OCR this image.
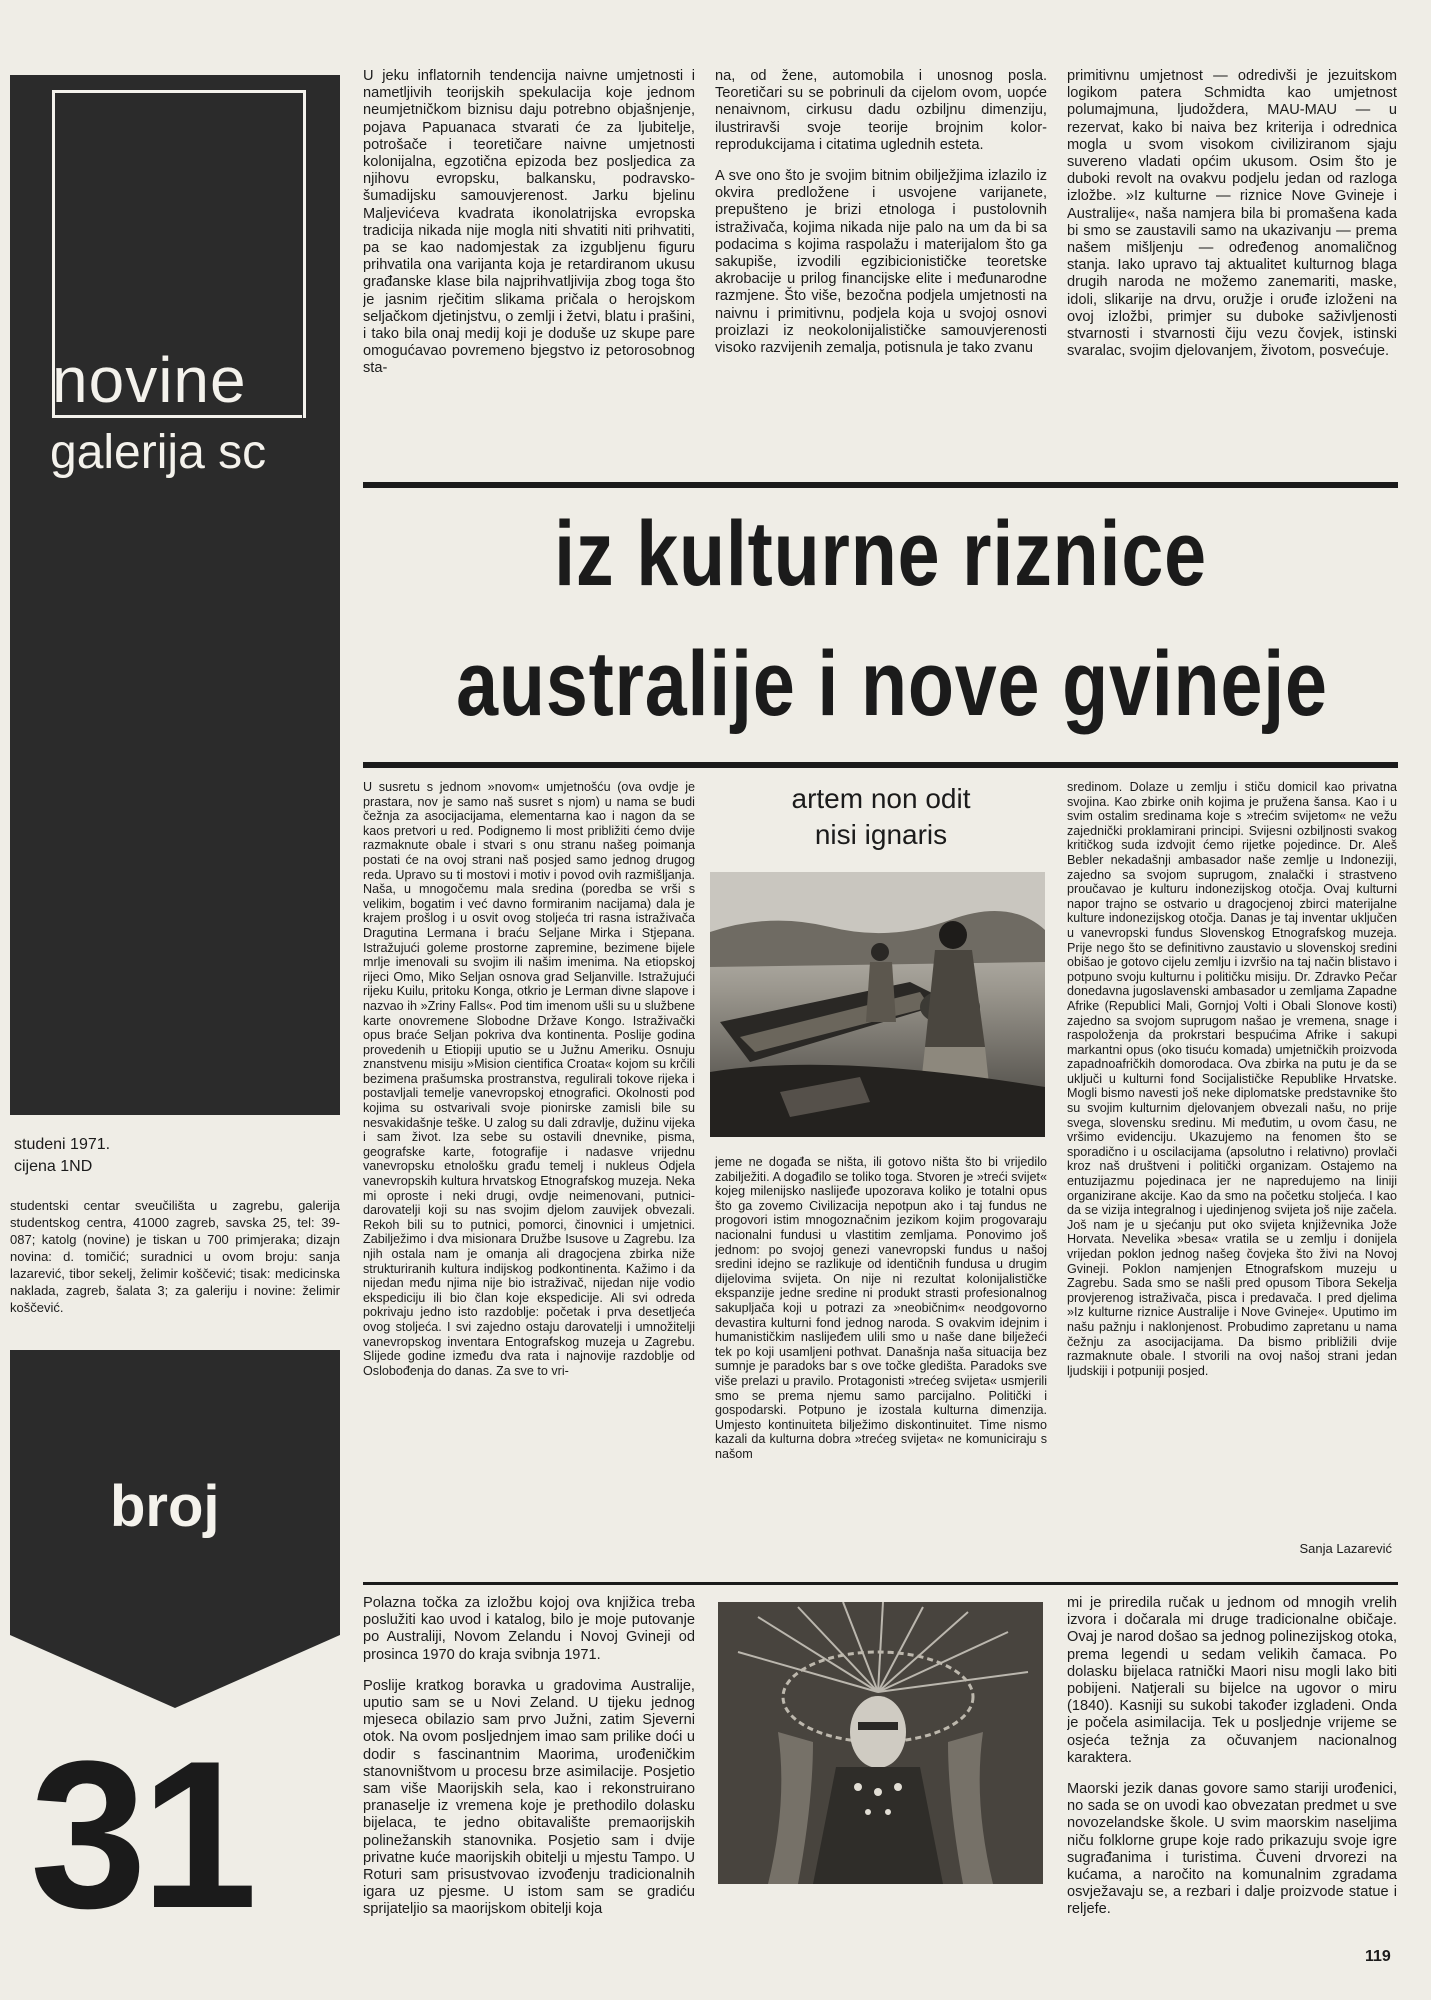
novine
galerija sc
studeni 1971.
cijena 1ND
studentski centar sveučilišta u zagrebu, galerija studentskog centra, 41000 zagreb, savska 25, tel: 39-087; katolg (novine) je tiskan u 700 primjeraka; dizajn novina: d. tomičić; suradnici u ovom broju: sanja lazarević, tibor sekelj, želimir koščević; tisak: medicinska naklada, zagreb, šalata 3; za galeriju i novine: želimir koščević.
broj
31

U jeku inflatornih tendencija naivne umjetnosti i nametljivih teorijskih spekulacija koje jednom neumjetničkom biznisu daju potrebno objašnjenje, pojava Papuanaca stvarati će za ljubitelje, potrošače i teoretičare naivne umjetnosti kolonijalna, egzotična epizoda bez posljedica za njihovu evropsku, balkansku, podravsko-šumadijsku samouvjerenost. Jarku bjelinu Maljevićeva kvadrata ikonolatrijska evropska tradicija nikada nije mogla niti shvatiti niti prihvatiti, pa se kao nadomjestak za izgubljenu figuru prihvatila ona varijanta koja je retardiranom ukusu građanske klase bila najprihvatljivija zbog toga što je jasnim rječitim slikama pričala o herojskom seljačkom djetinjstvu, o zemlji i žetvi, blatu i prašini, i tako bila onaj medij koji je doduše uz skupe pare omogućavao povremeno bjegstvo iz petorosobnog sta-

na, od žene, automobila i unosnog posla. Teoretičari su se pobrinuli da cijelom ovom, uopće nenaivnom, cirkusu dadu ozbiljnu dimenziju, ilustriravši svoje teorije brojnim kolor-reprodukcijama i citatima uglednih esteta.

A sve ono što je svojim bitnim obilježjima izlazilo iz okvira predložene i usvojene varijanete, prepušteno je brizi etnologa i pustolovnih istraživača, kojima nikada nije palo na um da bi sa podacima s kojima raspolažu i materijalom što ga sakupiše, izvodili egzibicionističke teoretske akrobacije u prilog financijske elite i međunarodne razmjene. Što više, bezočna podjela umjetnosti na naivnu i primitivnu, podjela koja u svojoj osnovi proizlazi iz neokolonijalističke samouvjerenosti visoko razvijenih zemalja, potisnula je tako zvanu

primitivnu umjetnost — odredivši je jezuitskom logikom patera Schmidta kao umjetnost polumajmuna, ljudoždera, MAU-MAU — u rezervat, kako bi naiva bez kriterija i odrednica mogla u svom visokom civiliziranom sjaju suvereno vladati općim ukusom. Osim što je duboki revolt na ovakvu podjelu jedan od razloga izložbe. »Iz kulturne — riznice Nove Gvineje i Australije«, naša namjera bila bi promašena kada bi smo se zaustavili samo na ukazivanju — prema našem mišljenju — određenog anomaličnog stanja. Iako upravo taj aktualitet kulturnog blaga drugih naroda ne možemo zanemariti, maske, idoli, slikarije na drvu, oružje i oruđe izloženi na ovoj izložbi, primjer su duboke saživljenosti stvarnosti i stvarnosti čiju vezu čovjek, istinski svaralac, svojim djelovanjem, životom, posvećuje.

iz kulturne riznice
australije i nove gvineje

U susretu s jednom »novom« umjetnošću (ova ovdje je prastara, nov je samo naš susret s njom) u nama se budi čežnja za asocijacijama, elementarna kao i nagon da se kaos pretvori u red. Podignemo li most približiti ćemo dvije razmaknute obale i stvari s onu stranu našeg poimanja postati će na ovoj strani naš posjed samo jednog drugog reda. Upravo su ti mostovi i motiv i povod ovih razmišljanja. Naša, u mnogočemu mala sredina (poredba se vrši s velikim, bogatim i već davno formiranim nacijama) dala je krajem prošlog i u osvit ovog stoljeća tri rasna istraživača Dragutina Lermana i braću Seljane Mirka i Stjepana. Istražujući goleme prostorne zapremine, bezimene bijele mrlje imenovali su svojim ili našim imenima. Na etiopskoj rijeci Omo, Miko Seljan osnova grad Seljanville. Istražujući rijeku Kuilu, pritoku Konga, otkrio je Lerman divne slapove i nazvao ih »Zriny Falls«. Pod tim imenom ušli su u službene karte onovremene Slobodne Države Kongo. Istraživački opus braće Seljan pokriva dva kontinenta. Poslije godina provedenih u Etiopiji uputio se u Južnu Ameriku. Osnuju znanstvenu misiju »Mision cientifica Croata« kojom su krčili bezimena prašumska prostranstva, regulirali tokove rijeka i postavljali temelje vanevropskoj etnografici. Okolnosti pod kojima su ostvarivali svoje pionirske zamisli bile su nesvakidašnje teške. U zalog su dali zdravlje, dužinu vijeka i sam život. Iza sebe su ostavili dnevnike, pisma, geografske karte, fotografije i nadasve vrijednu vanevropsku etnološku građu temelj i nukleus Odjela vanevropskih kultura hrvatskog Etnografskog muzeja. Neka mi oproste i neki drugi, ovdje neimenovani, putnici-darovatelji koji su nas svojim djelom zauvijek obvezali. Rekoh bili su to putnici, pomorci, činovnici i umjetnici. Zabilježimo i dva misionara Družbe Isusove u Zagrebu. Iza njih ostala nam je omanja ali dragocjena zbirka niže strukturiranih kultura indijskog podkontinenta. Kažimo i da nijedan među njima nije bio istraživač, nijedan nije vodio ekspediciju ili bio član koje ekspedicije. Ali svi odreda pokrivaju jedno isto razdoblje: početak i prva desetljeća ovog stoljeća. I svi zajedno ostaju darovatelji i umnožitelji vanevropskog inventara Entografskog muzeja u Zagrebu. Slijede godine između dva rata i najnovije razdoblje od Oslobođenja do danas. Za sve to vri-

artem non odit
nisi ignaris

jeme ne događa se ništa, ili gotovo ništa što bi vrijedilo zabilježiti. A događilo se toliko toga. Stvoren je »treći svijet« kojeg milenijsko naslijeđe upozorava koliko je totalni opus što ga zovemo Civilizacija nepotpun ako i taj fundus ne progovori istim mnogoznačnim jezikom kojim progovaraju nacionalni fundusi u vlastitim zemljama. Ponovimo još jednom: po svojoj genezi vanevropski fundus u našoj sredini idejno se razlikuje od identičnih fundusa u drugim dijelovima svijeta. On nije ni rezultat kolonijalističke ekspanzije jedne sredine ni produkt strasti profesionalnog sakupljača koji u potrazi za »neobičnim« neodgovorno devastira kulturni fond jednog naroda. S ovakvim idejnim i humanističkim naslijeđem ulili smo u naše dane bilježeći tek po koji usamljeni pothvat. Današnja naša situacija bez sumnje je paradoks bar s ove točke gledišta. Paradoks sve više prelazi u pravilo. Protagonisti »trećeg svijeta« usmjerili smo se prema njemu samo parcijalno. Politički i gospodarski. Potpuno je izostala kulturna dimenzija. Umjesto kontinuiteta bilježimo diskontinuitet. Time nismo kazali da kulturna dobra »trećeg svijeta« ne komuniciraju s našom

sredinom. Dolaze u zemlju i stiču domicil kao privatna svojina. Kao zbirke onih kojima je pružena šansa. Kao i u svim ostalim sredinama koje s »trećim svijetom« ne vežu zajednički proklamirani principi. Svijesni ozbiljnosti svakog kritičkog suda izdvojit ćemo rijetke pojedince. Dr. Aleš Bebler nekadašnji ambasador naše zemlje u Indoneziji, zajedno sa svojom suprugom, znalački i strastveno proučavao je kulturu indonezijskog otočja. Ovaj kulturni napor trajno se ostvario u dragocjenoj zbirci materijalne kulture indonezijskog otočja. Danas je taj inventar uključen u vanevropski fundus Slovenskog Etnografskog muzeja. Prije nego što se definitivno zaustavio u slovenskoj sredini obišao je gotovo cijelu zemlju i izvršio na taj način blistavo i potpuno svoju kulturnu i političku misiju. Dr. Zdravko Pečar donedavna jugoslavenski ambasador u zemljama Zapadne Afrike (Republici Mali, Gornjoj Volti i Obali Slonove kosti) zajedno sa svojom suprugom našao je vremena, snage i raspoloženja da prokrstari bespućima Afrike i sakupi markantni opus (oko tisuću komada) umjetničkih proizvoda zapadnoafričkih domorodaca. Ova zbirka na putu je da se uključi u kulturni fond Socijalističke Republike Hrvatske. Mogli bismo navesti još neke diplomatske predstavnike što su svojim kulturnim djelovanjem obvezali našu, no prije svega, slovensku sredinu. Mi međutim, u ovom času, ne vršimo evidenciju. Ukazujemo na fenomen što se sporadično i u oscilacijama (apsolutno i relativno) provlači kroz naš društveni i politički organizam. Ostajemo na entuzijazmu pojedinaca jer ne napredujemo na liniji organizirane akcije. Kao da smo na početku stoljeća. I kao da se vizija integralnog i ujedinjenog svijeta još nije začela. Još nam je u sjećanju put oko svijeta književnika Jože Horvata. Nevelika »besa« vratila se u zemlju i donijela vrijedan poklon jednog našeg čovjeka što živi na Novoj Gvineji. Poklon namjenjen Etnografskom muzeju u Zagrebu. Sada smo se našli pred opusom Tibora Sekelja provjerenog istraživača, pisca i predavača. I pred djelima »Iz kulturne riznice Australije i Nove Gvineje«. Uputimo im našu pažnju i naklonjenost. Probudimo zapretanu u nama čežnju za asocijacijama. Da bismo približili dvije razmaknute obale. I stvorili na ovoj našoj strani jedan ljudskiji i potpuniji posjed.

Sanja Lazarević

Polazna točka za izložbu kojoj ova knjižica treba poslužiti kao uvod i katalog, bilo je moje putovanje po Australiji, Novom Zelandu i Novoj Gvineji od prosinca 1970 do kraja svibnja 1971.

Poslije kratkog boravka u gradovima Australije, uputio sam se u Novi Zeland. U tijeku jednog mjeseca obilazio sam prvo Južni, zatim Sjeverni otok. Na ovom posljednjem imao sam prilike doći u dodir s fascinantnim Maorima, urođeničkim stanovništvom u procesu brze asimilacije. Posjetio sam više Maorijskih sela, kao i rekonstruirano pranaselje iz vremena koje je prethodilo dolasku bijelaca, te jedno obitavalište premaorijskih polinežanskih stanovnika. Posjetio sam i dvije privatne kuće maorijskih obitelji u mjestu Tampo. U Roturi sam prisustvovao izvođenju tradicionalnih igara uz pjesme. U istom sam se gradiću sprijateljio sa maorijskom obitelji koja

mi je priredila ručak u jednom od mnogih vrelih izvora i dočarala mi druge tradicionalne običaje. Ovaj je narod došao sa jednog polinezijskog otoka, prema legendi u sedam velikih čamaca. Po dolasku bijelaca ratnički Maori nisu mogli lako biti pobijeni. Natjerali su bijelce na ugovor o miru (1840). Kasniji su sukobi također izgladeni. Onda je počela asimilacija. Tek u posljednje vrijeme se osjeća težnja za očuvanjem nacionalnog karaktera.

Maorski jezik danas govore samo stariji urođenici, no sada se on uvodi kao obvezatan predmet u sve novozelandske škole. U svim maorskim naseljima niču folklorne grupe koje rado prikazuju svoje igre sugrađanima i turistima. Čuveni drvorezi na kućama, a naročito na komunalnim zgradama osvježavaju se, a rezbari i dalje proizvode statue i reljefe.

119
